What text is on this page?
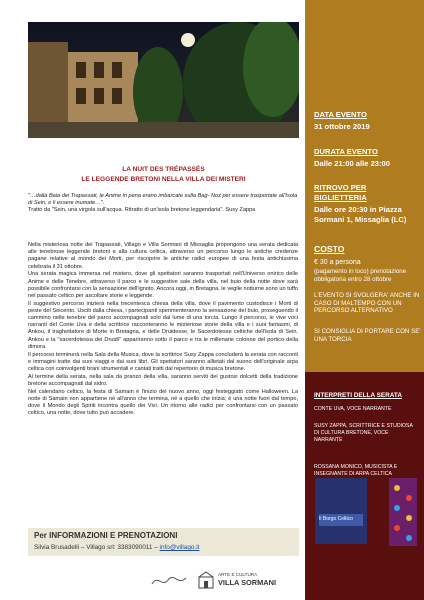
LA NUIT DES TRÉPASSÉS

LE LEGGENDE BRETONI NELLA VILLA DEI MISTERI

"…dalla Baia dei Trapassati, le Anime in pena erano imbarcate sulla Bag- Noz per essere trasportate all'Isola di Sein, e li essere inumate…".
Tratto da "Sein, una virgola sull'acqua. Ritratto di un'isola bretone leggendaria". Susy Zappa

Nella misteriosa notte dei Trapassati, Villago e Villa Sormani di Missaglia propongono una serata dedicata alle tenebrose leggende bretoni e alla cultura celtica, attraverso un percorso lungo le antiche credenze pagane relative al mondo dei Morti, per riscoprire le antiche radici europee di una festa antichissima celebrata il 31 ottobre.

Una serata magica immersa nel mistero, dove gli spettatori saranno trasportati nell'Universo onirico delle Anime e delle Tenebre, attraverso il parco e le suggestive sale della villa, nel buio della notte dove sarà possibile confrontarsi con la sensazione dell'ignoto. Ancora oggi, in Bretagna, le veglie notturne sono un tuffo nel passato celtico per ascoltare storie e leggende.

Il suggestivo percorso inizierà nella trecentesca chiesa della villa, dove il pavimento custodisce i Morti di peste del Seicento. Usciti dalla chiesa, i partecipanti sperimenteranno la sensazione del buio, proseguendo il cammino nelle tenebre del parco accompagnati solo dal lume di una torcia. Lungo il percorso, le vive voci narranti del Conte Uva e della scrittrice racconteranno le misteriose storie della villa e i suoi fantasmi, di Ankou, il traghettatore di Morte in Bretagna, e delle Druidesse, le Sacerdotesse celtiche dell'isola di Sein. Ankou e la "sacerdotessa dei Druidi" appariranno sotto il parco e tra le millenarie colonne del portico della dimora.

Il percorso terminerà nella Sala della Musica, dove la scrittrice Susy Zappa concluderà la serata con racconti e immagini tratte dai suoi viaggi e dai suoi libri. Gli spettatori saranno allietati dal suono dell'originale arpa celtica con coinvolgenti brani strumentali e cantati tratti dal repertorio di musica bretone.

Al termine della serata, nella sala da pranzo della villa, saranno serviti dei gustosi dolcetti della tradizione bretone accompagnati dal sidro.

Nel calendario celtico, la festa di Samain è l'inizio del nuovo anno, oggi festeggiato come Halloween. La notte di Samain non appartiene né all'anno che termina, né a quello che inizia; è una notte fuori dal tempo, dove il Mondo degli Spiriti incontra quello dei Vivi. Un ritorno alle radici per confrontarsi con un passato celtico, una notte, dove tutto può accadere.

Per INFORMAZIONI E PRENOTAZIONI

Silvia Brusadelli – Villago srl: 3383090011 – info@villago.it

ARTE E CULTURA
VILLA SORMANI

DATA EVENTO

31 ottobre 2019

DURATA EVENTO

Dalle 21:00 alle 23:00

RITROVO PER

BIGLIETTERIA

Dalle ore 20:30 in Piazza Sormani 1, Missaglia (LC)

COSTO

€ 30 a persona

(pagamento in loco) prenotazione obbligatoria entro 28 ottobre

L'EVENTO SI SVOLGERA' ANCHE IN CASO DI MALTEMPO CON UN PERCORSO ALTERNATIVO

SI CONSIGLIA DI PORTARE CON SE' UNA TORCIA

INTERPRETI DELLA SERATA

CONTE UVA, VOCE NARRANTE

SUSY ZAPPA, SCRITTRICE E STUDIOSA DI CULTURA BRETONE, VOCE NARRANTE

ROSSANA MONICO, MUSICISTA E INSEGNANTE DI ARPA CELTICA

Il Borgo Celtico
